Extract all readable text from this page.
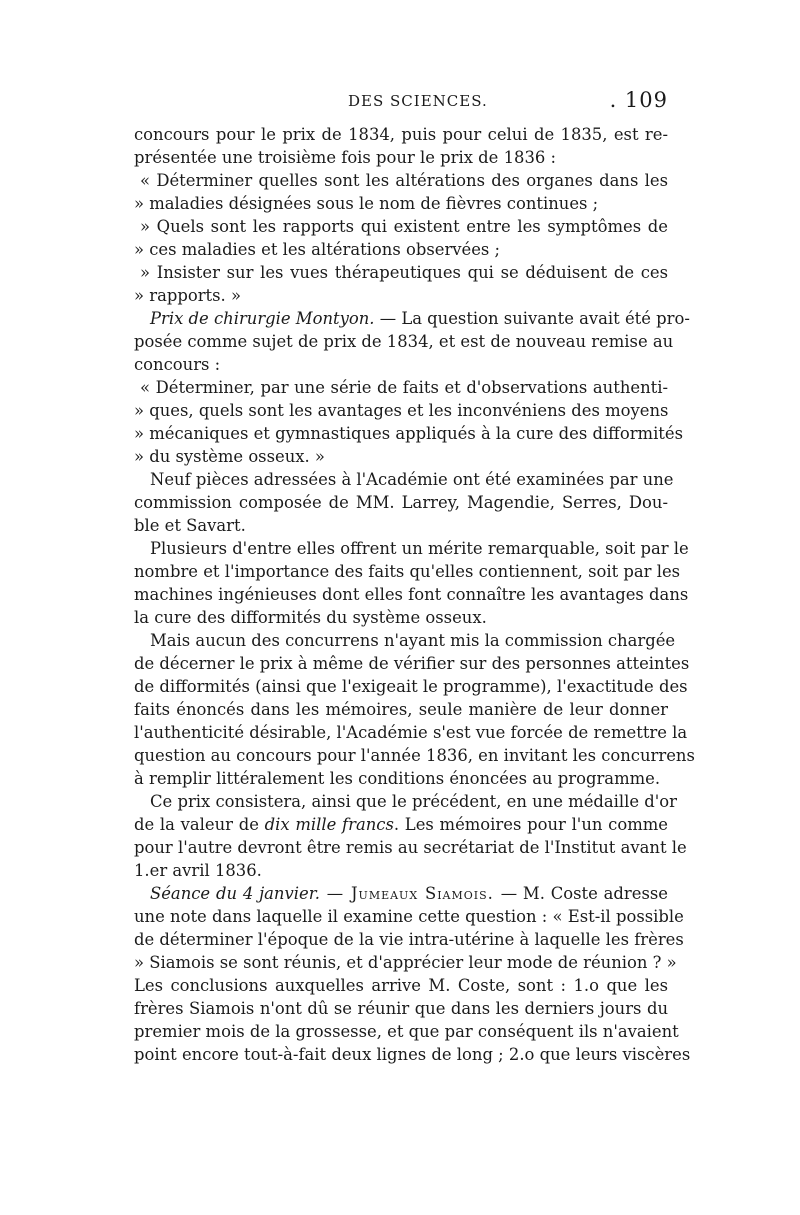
DES SCIENCES.	. 109
concours pour le prix de 1834, puis pour celui de 1835, est re-
présentée une troisième fois pour le prix de 1836 :
« Déterminer quelles sont les altérations des organes dans les
» maladies désignées sous le nom de fièvres continues ;
» Quels sont les rapports qui existent entre les symptômes de
» ces maladies et les altérations observées ;
» Insister sur les vues thérapeutiques qui se déduisent de ces
» rapports. »
Prix de chirurgie Montyon. — La question suivante avait été pro-
posée comme sujet de prix de 1834, et est de nouveau remise au
concours :
« Déterminer, par une série de faits et d'observations authenti-
» ques, quels sont les avantages et les inconvéniens des moyens
» mécaniques et gymnastiques appliqués à la cure des difformités
» du système osseux. »
Neuf pièces adressées à l'Académie ont été examinées par une
commission composée de MM. Larrey, Magendie, Serres, Dou-
ble et Savart.
Plusieurs d'entre elles offrent un mérite remarquable, soit par le
nombre et l'importance des faits qu'elles contiennent, soit par les
machines ingénieuses dont elles font connaître les avantages dans
la cure des difformités du système osseux.
Mais aucun des concurrens n'ayant mis la commission chargée
de décerner le prix à même de vérifier sur des personnes atteintes
de difformités (ainsi que l'exigeait le programme), l'exactitude des
faits énoncés dans les mémoires, seule manière de leur donner
l'authenticité désirable, l'Académie s'est vue forcée de remettre la
question au concours pour l'année 1836, en invitant les concurrens
à remplir littéralement les conditions énoncées au programme.
Ce prix consistera, ainsi que le précédent, en une médaille d'or
de la valeur de dix mille francs. Les mémoires pour l'un comme
pour l'autre devront être remis au secrétariat de l'Institut avant le
1.er avril 1836.
Séance du 4 janvier. — Jumeaux Siamois. — M. Coste adresse
une note dans laquelle il examine cette question : « Est-il possible
de déterminer l'époque de la vie intra-utérine à laquelle les frères
» Siamois se sont réunis, et d'apprécier leur mode de réunion ? »
Les conclusions auxquelles arrive M. Coste, sont : 1.o que les
frères Siamois n'ont dû se réunir que dans les derniers jours du
premier mois de la grossesse, et que par conséquent ils n'avaient
point encore tout-à-fait deux lignes de long ; 2.o que leurs viscères
